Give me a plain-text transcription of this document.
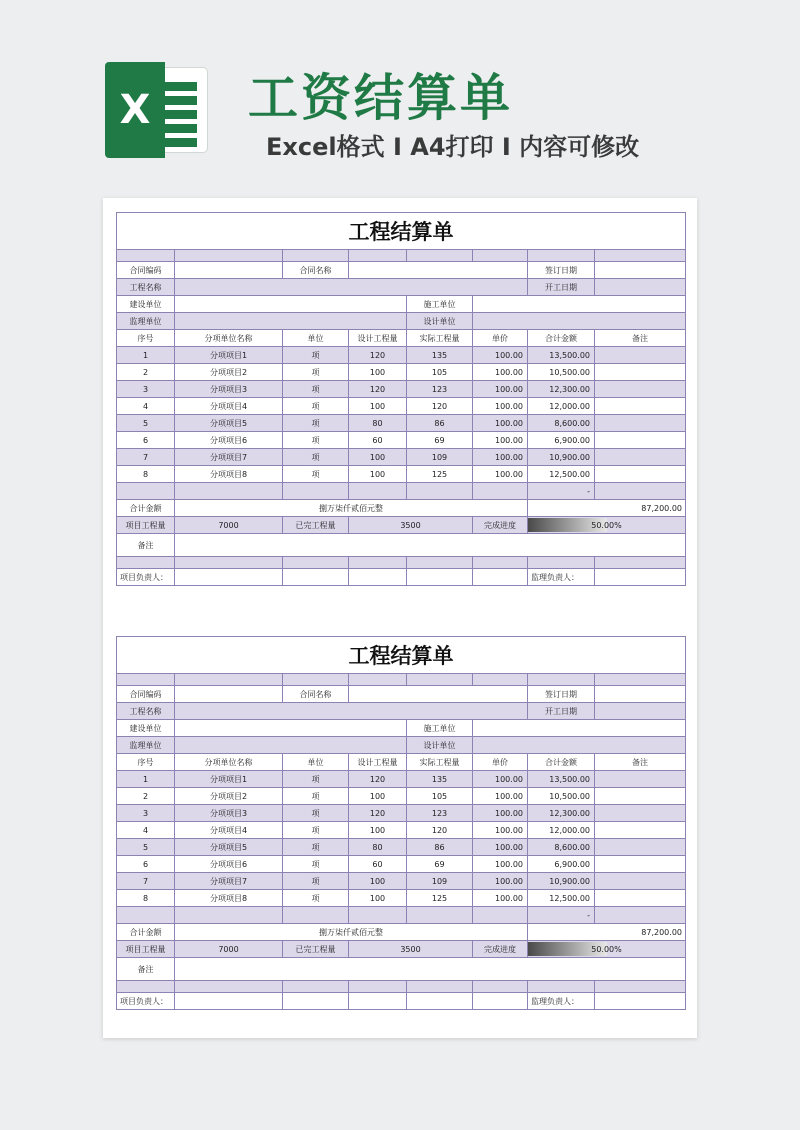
X 工资结算单
Excel格式 I A4打印 I 内容可修改
工程结算单							

合同编码		合同名称				签订日期	
工程名称						开工日期	
建设单位				施工单位			
监理单位				设计单位			
序号	分项单位名称	单位	设计工程量	实际工程量	单价	合计金额	备注
1	分项项目1	项	120	135	100.00	13,500.00	
2	分项项目2	项	100	105	100.00	10,500.00	
3	分项项目3	项	120	123	100.00	12,300.00	
4	分项项目4	项	100	120	100.00	12,000.00	
5	分项项目5	项	80	86	100.00	8,600.00	
6	分项项目6	项	60	69	100.00	6,900.00	
7	分项项目7	项	100	109	100.00	10,900.00	
8	分项项目8	项	100	125	100.00	12,500.00	
						-	
合计金额	捌万柒仟贰佰元整					87,200.00	
项目工程量	7000	已完工程量	3500		完成进度	50.00%	
备注							

项目负责人：						监理负责人：	
工程结算单							

合同编码		合同名称				签订日期	
工程名称						开工日期	
建设单位				施工单位			
监理单位				设计单位			
序号	分项单位名称	单位	设计工程量	实际工程量	单价	合计金额	备注
1	分项项目1	项	120	135	100.00	13,500.00	
2	分项项目2	项	100	105	100.00	10,500.00	
3	分项项目3	项	120	123	100.00	12,300.00	
4	分项项目4	项	100	120	100.00	12,000.00	
5	分项项目5	项	80	86	100.00	8,600.00	
6	分项项目6	项	60	69	100.00	6,900.00	
7	分项项目7	项	100	109	100.00	10,900.00	
8	分项项目8	项	100	125	100.00	12,500.00	
						-	
合计金额	捌万柒仟贰佰元整					87,200.00	
项目工程量	7000	已完工程量	3500		完成进度	50.00%	
备注							

项目负责人：						监理负责人：	
